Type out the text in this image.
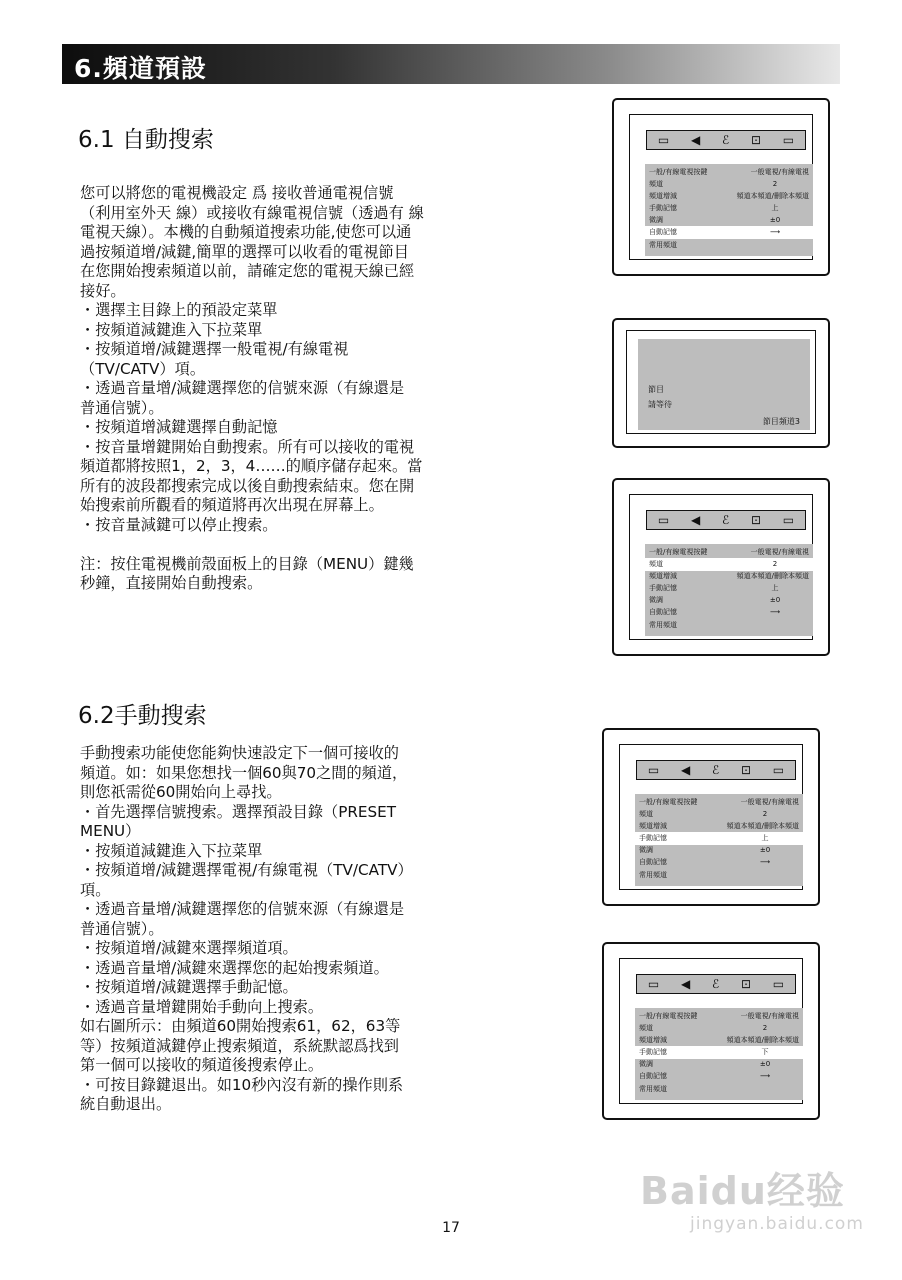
6.頻道預設
6.1 自動搜索
您可以將您的電視機設定 爲 接收普通電視信號
（利用室外天 線）或接收有線電視信號（透過有 線
電視天線）。本機的自動頻道搜索功能,使您可以通
過按頻道增/減鍵,簡單的選擇可以收看的電視節目
在您開始搜索頻道以前，請確定您的電視天線已經
接好。
・選擇主目錄上的預設定菜單
・按頻道減鍵進入下拉菜單
・按頻道增/減鍵選擇一般電視/有線電視
（TV/CATV）項。
・透過音量增/減鍵選擇您的信號來源（有線還是
普通信號）。
・按頻道增減鍵選擇自動記憶
・按音量增鍵開始自動搜索。所有可以接收的電視
頻道都將按照1，2，3，4……的順序儲存起來。當
所有的波段都搜索完成以後自動搜索結束。您在開
始搜索前所觀看的頻道將再次出現在屏幕上。
・按音量減鍵可以停止搜索。

注：按住電視機前殼面板上的目錄（MENU）鍵幾
秒鐘，直接開始自動搜索。
6.2手動搜索
手動搜索功能使您能夠快速設定下一個可接收的
頻道。如：如果您想找一個60與70之間的頻道，
則您祇需從60開始向上尋找。
・首先選擇信號搜索。選擇預設目錄（PRESET
MENU）
・按頻道減鍵進入下拉菜單
・按頻道增/減鍵選擇電視/有線電視（TV/CATV）
項。
・透過音量增/減鍵選擇您的信號來源（有線還是
普通信號）。
・按頻道增/減鍵來選擇頻道項。
・透過音量增/減鍵來選擇您的起始搜索頻道。
・按頻道增/減鍵選擇手動記憶。
・透過音量增鍵開始手動向上搜索。
如右圖所示：由頻道60開始搜索61，62，63等
等）按頻道減鍵停止搜索頻道，系統默認爲找到
第一個可以接收的頻道後搜索停止。
・可按目錄鍵退出。如10秒內沒有新的操作則系
統自動退出。
▭ ◀ ℰ ⊡ ▭
一般/有線電視按鍵	一般電視/有線電視
頻道	2
頻道增減	頻道本頻道/刪除本頻道
手動記憶	上
微調	±0
自動記憶	⟶
常用頻道
節目
請等待
節目頻道3
▭ ◀ ℰ ⊡ ▭
一般/有線電視按鍵	一般電視/有線電視
頻道	2
頻道增減	頻道本頻道/刪除本頻道
手動記憶	上
微調	±0
自動記憶	⟶
常用頻道
▭ ◀ ℰ ⊡ ▭
一般/有線電視按鍵	一般電視/有線電視
頻道	2
頻道增減	頻道本頻道/刪除本頻道
手動記憶	上
微調	±0
自動記憶	⟶
常用頻道
▭ ◀ ℰ ⊡ ▭
一般/有線電視按鍵	一般電視/有線電視
頻道	2
頻道增減	頻道本頻道/刪除本頻道
手動記憶	下
微調	±0
自動記憶	⟶
常用頻道
Baidu经验
jingyan.baidu.com
17
